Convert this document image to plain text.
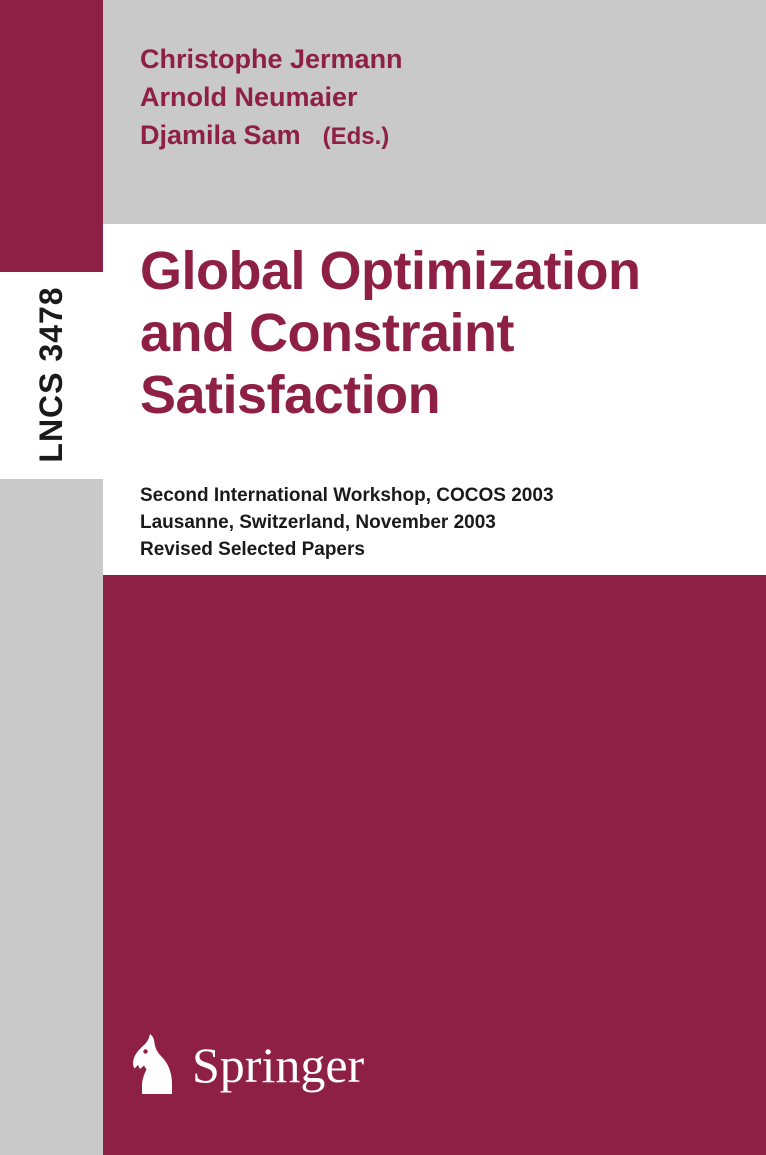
LNCS 3478
Christophe Jermann
Arnold Neumaier
Djamila Sam (Eds.)
Global Optimization
and Constraint
Satisfaction
Second International Workshop, COCOS 2003
Lausanne, Switzerland, November 2003
Revised Selected Papers
Springer
